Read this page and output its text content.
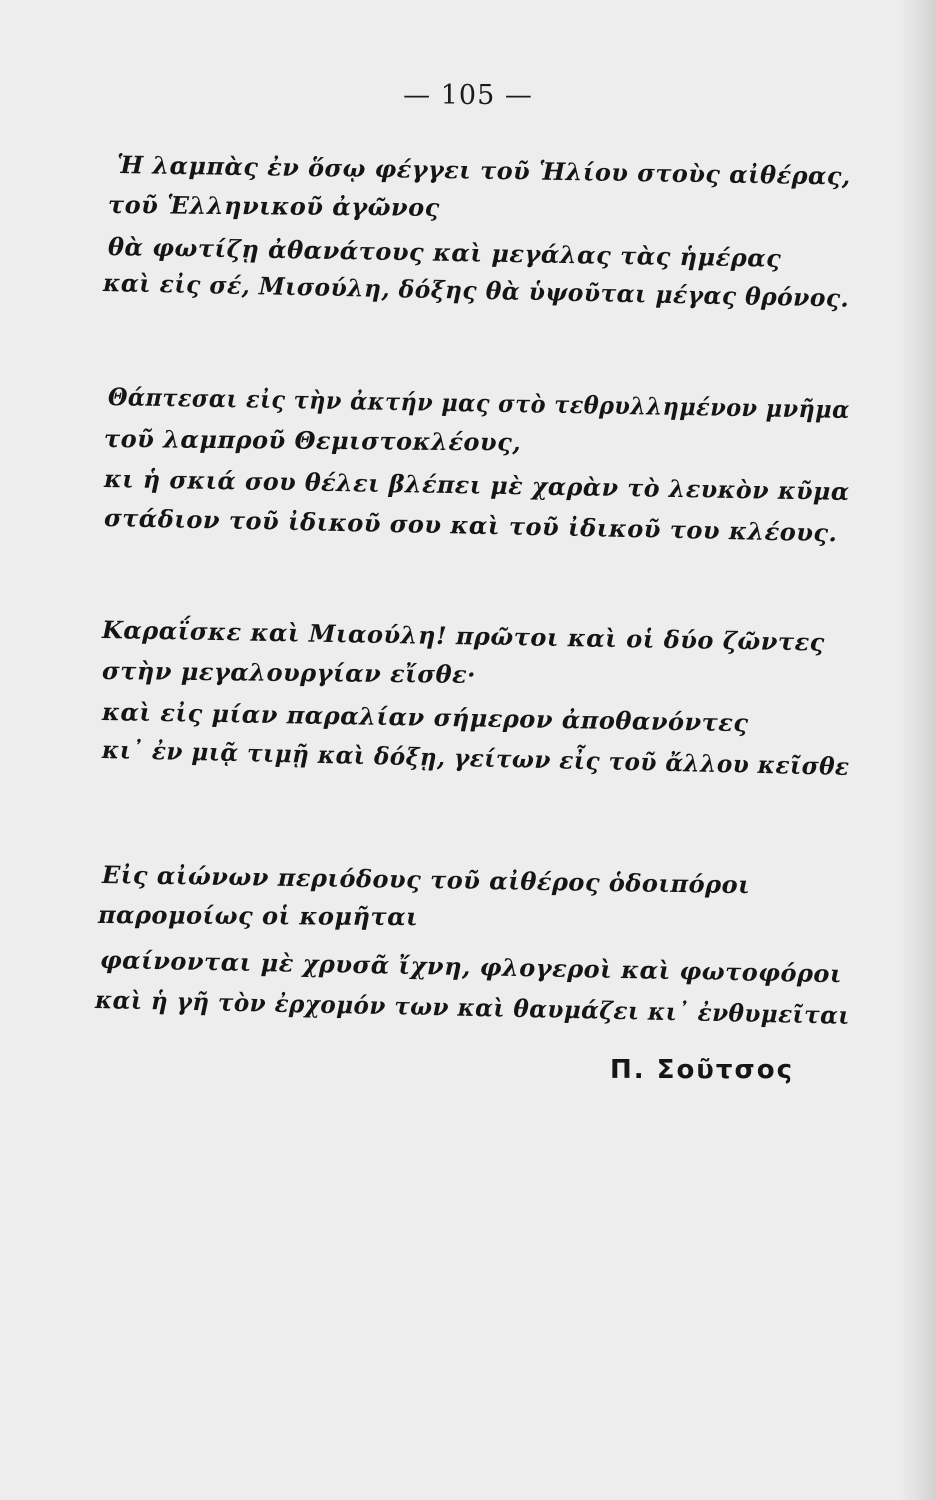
— 105 —
Ἡ λαμπὰς ἐν ὅσῳ φέγγει τοῦ Ἡλίου στοὺς αἰθέρας,
τοῦ Ἑλληνικοῦ ἀγῶνος
θὰ φωτίζῃ ἀθανάτους καὶ μεγάλας τὰς ἡμέρας
καὶ εἰς σέ, Μισούλη, δόξης θὰ ὑψοῦται μέγας θρόνος.
Θάπτεσαι εἰς τὴν ἀκτήν μας στὸ τεθρυλλημένον μνῆμα
τοῦ λαμπροῦ Θεμιστοκλέους,
κι ἡ σκιά σου θέλει βλέπει μὲ χαρὰν τὸ λευκὸν κῦμα
στάδιον τοῦ ἰδικοῦ σου καὶ τοῦ ἰδικοῦ του κλέους.
Καραΐσκε καὶ Μιαούλη! πρῶτοι καὶ οἱ δύο ζῶντες
στὴν μεγαλουργίαν εἴσθε·
καὶ εἰς μίαν παραλίαν σήμερον ἀποθανόντες
κι᾽ ἐν μιᾷ τιμῇ καὶ δόξῃ, γείτων εἶς τοῦ ἄλλου κεῖσθε
Εἰς αἰώνων περιόδους τοῦ αἰθέρος ὁδοιπόροι
παρομοίως οἱ κομῆται
φαίνονται μὲ χρυσᾶ ἴχνη, φλογεροὶ καὶ φωτοφόροι
καὶ ἡ γῆ τὸν ἐρχομόν των καὶ θαυμάζει κι᾽ ἐνθυμεῖται
Π. Σοῦτσος
